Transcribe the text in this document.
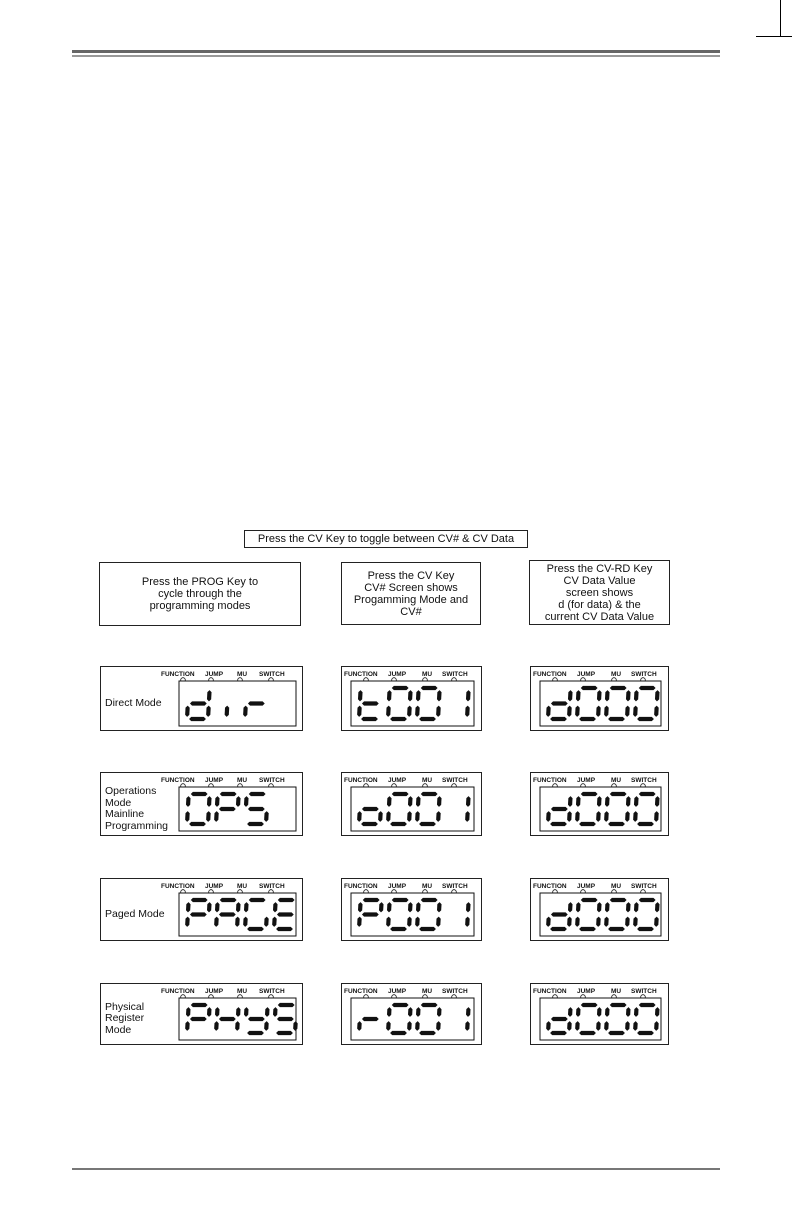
Press the CV Key to toggle between CV# & CV Data
Press the PROG Key to
cycle through the
programming modes
Press the CV Key
CV# Screen shows
Progamming Mode and
CV#
Press the CV-RD Key
CV Data Value
screen shows
d (for data) & the
current CV Data Value
FUNCTION JUMP MU SWITCH
Direct Mode
FUNCTION JUMP MU SWITCH	FUNCTION JUMP MU SWITCH
FUNCTION JUMP MU SWITCH
Operations
Mode
Mainline
Programming
FUNCTION JUMP MU SWITCH	FUNCTION JUMP MU SWITCH
FUNCTION JUMP MU SWITCH
Paged Mode
FUNCTION JUMP MU SWITCH	FUNCTION JUMP MU SWITCH
FUNCTION JUMP MU SWITCH
Physical
Register
Mode
FUNCTION JUMP MU SWITCH	FUNCTION JUMP MU SWITCH
